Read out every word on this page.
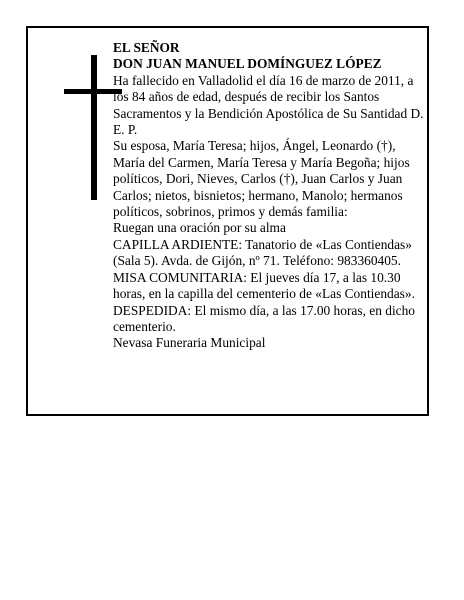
EL SEÑOR

DON JUAN MANUEL DOMÍNGUEZ LÓPEZ

Ha fallecido en Valladolid el día 16 de marzo de 2011, a los 84 años de edad, después de recibir los Santos Sacramentos y la Bendición Apostólica de Su Santidad D. E. P.

Su esposa, María Teresa; hijos, Ángel, Leonardo (†), María del Carmen, María Teresa y María Begoña; hijos políticos, Dori, Nieves, Carlos (†), Juan Carlos y Juan Carlos; nietos, bisnietos; hermano, Manolo; hermanos políticos, sobrinos, primos y demás familia:

Ruegan una oración por su alma

CAPILLA ARDIENTE: Tanatorio de «Las Contiendas» (Sala 5). Avda. de Gijón, nº 71. Teléfono: 983360405.

MISA COMUNITARIA: El jueves día 17, a las 10.30 horas, en la capilla del cementerio de «Las Contiendas».

DESPEDIDA: El mismo día, a las 17.00 horas, en dicho cementerio.

Nevasa Funeraria Municipal
